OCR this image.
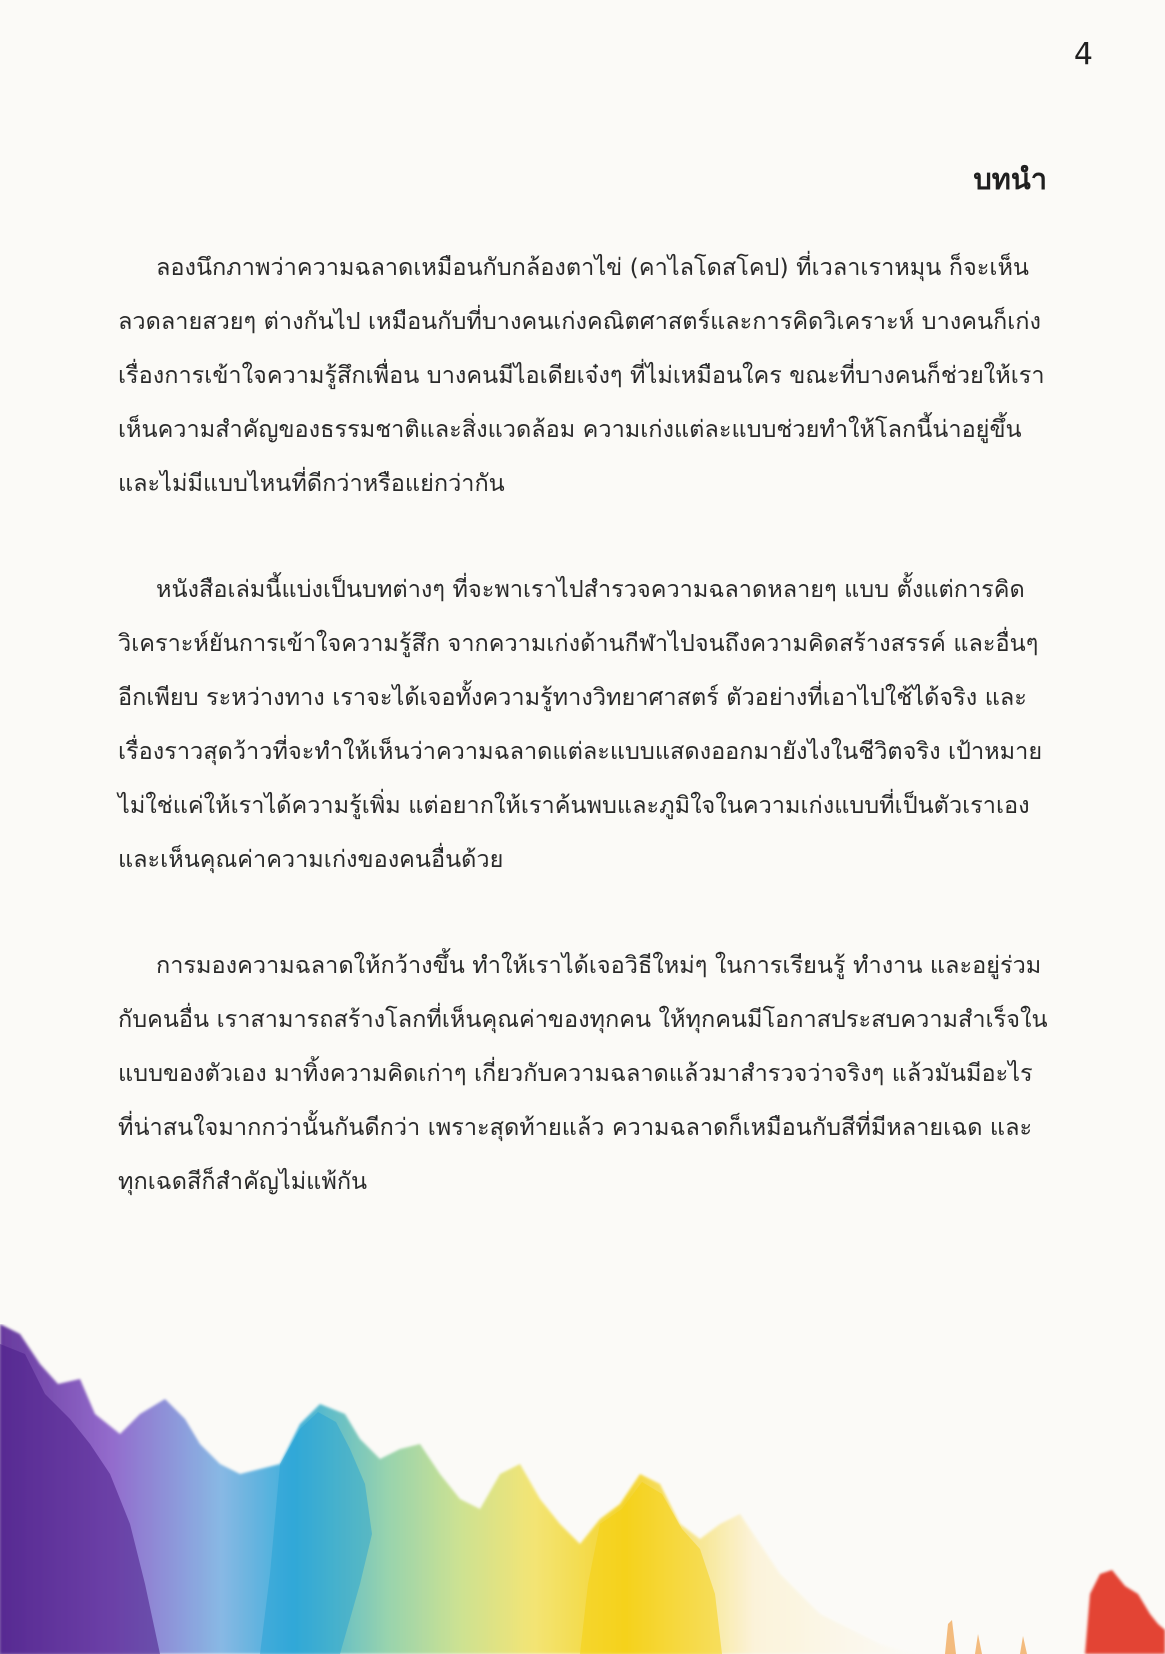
4
บทนำ

ลองนึกภาพว่าความฉลาดเหมือนกับกล้องตาไข่ (คาไลโดสโคป) ที่เวลาเราหมุน ก็จะเห็นลวดลายสวยๆ ต่างกันไป เหมือนกับที่บางคนเก่งคณิตศาสตร์และการคิดวิเคราะห์ บางคนก็เก่งเรื่องการเข้าใจความรู้สึกเพื่อน บางคนมีไอเดียเจ๋งๆ ที่ไม่เหมือนใคร ขณะที่บางคนก็ช่วยให้เราเห็นความสำคัญของธรรมชาติและสิ่งแวดล้อม ความเก่งแต่ละแบบช่วยทำให้โลกนี้น่าอยู่ขึ้น และไม่มีแบบไหนที่ดีกว่าหรือแย่กว่ากัน

หนังสือเล่มนี้แบ่งเป็นบทต่างๆ ที่จะพาเราไปสำรวจความฉลาดหลายๆ แบบ ตั้งแต่การคิดวิเคราะห์ยันการเข้าใจความรู้สึก จากความเก่งด้านกีฬาไปจนถึงความคิดสร้างสรรค์ และอื่นๆ อีกเพียบ ระหว่างทาง เราจะได้เจอทั้งความรู้ทางวิทยาศาสตร์ ตัวอย่างที่เอาไปใช้ได้จริง และเรื่องราวสุดว้าวที่จะทำให้เห็นว่าความฉลาดแต่ละแบบแสดงออกมายังไงในชีวิตจริง เป้าหมายไม่ใช่แค่ให้เราได้ความรู้เพิ่ม แต่อยากให้เราค้นพบและภูมิใจในความเก่งแบบที่เป็นตัวเราเองและเห็นคุณค่าความเก่งของคนอื่นด้วย

การมองความฉลาดให้กว้างขึ้น ทำให้เราได้เจอวิธีใหม่ๆ ในการเรียนรู้ ทำงาน และอยู่ร่วมกับคนอื่น เราสามารถสร้างโลกที่เห็นคุณค่าของทุกคน ให้ทุกคนมีโอกาสประสบความสำเร็จในแบบของตัวเอง มาทิ้งความคิดเก่าๆ เกี่ยวกับความฉลาดแล้วมาสำรวจว่าจริงๆ แล้วมันมีอะไรที่น่าสนใจมากกว่านั้นกันดีกว่า เพราะสุดท้ายแล้ว ความฉลาดก็เหมือนกับสีที่มีหลายเฉด และทุกเฉดสีก็สำคัญไม่แพ้กัน
